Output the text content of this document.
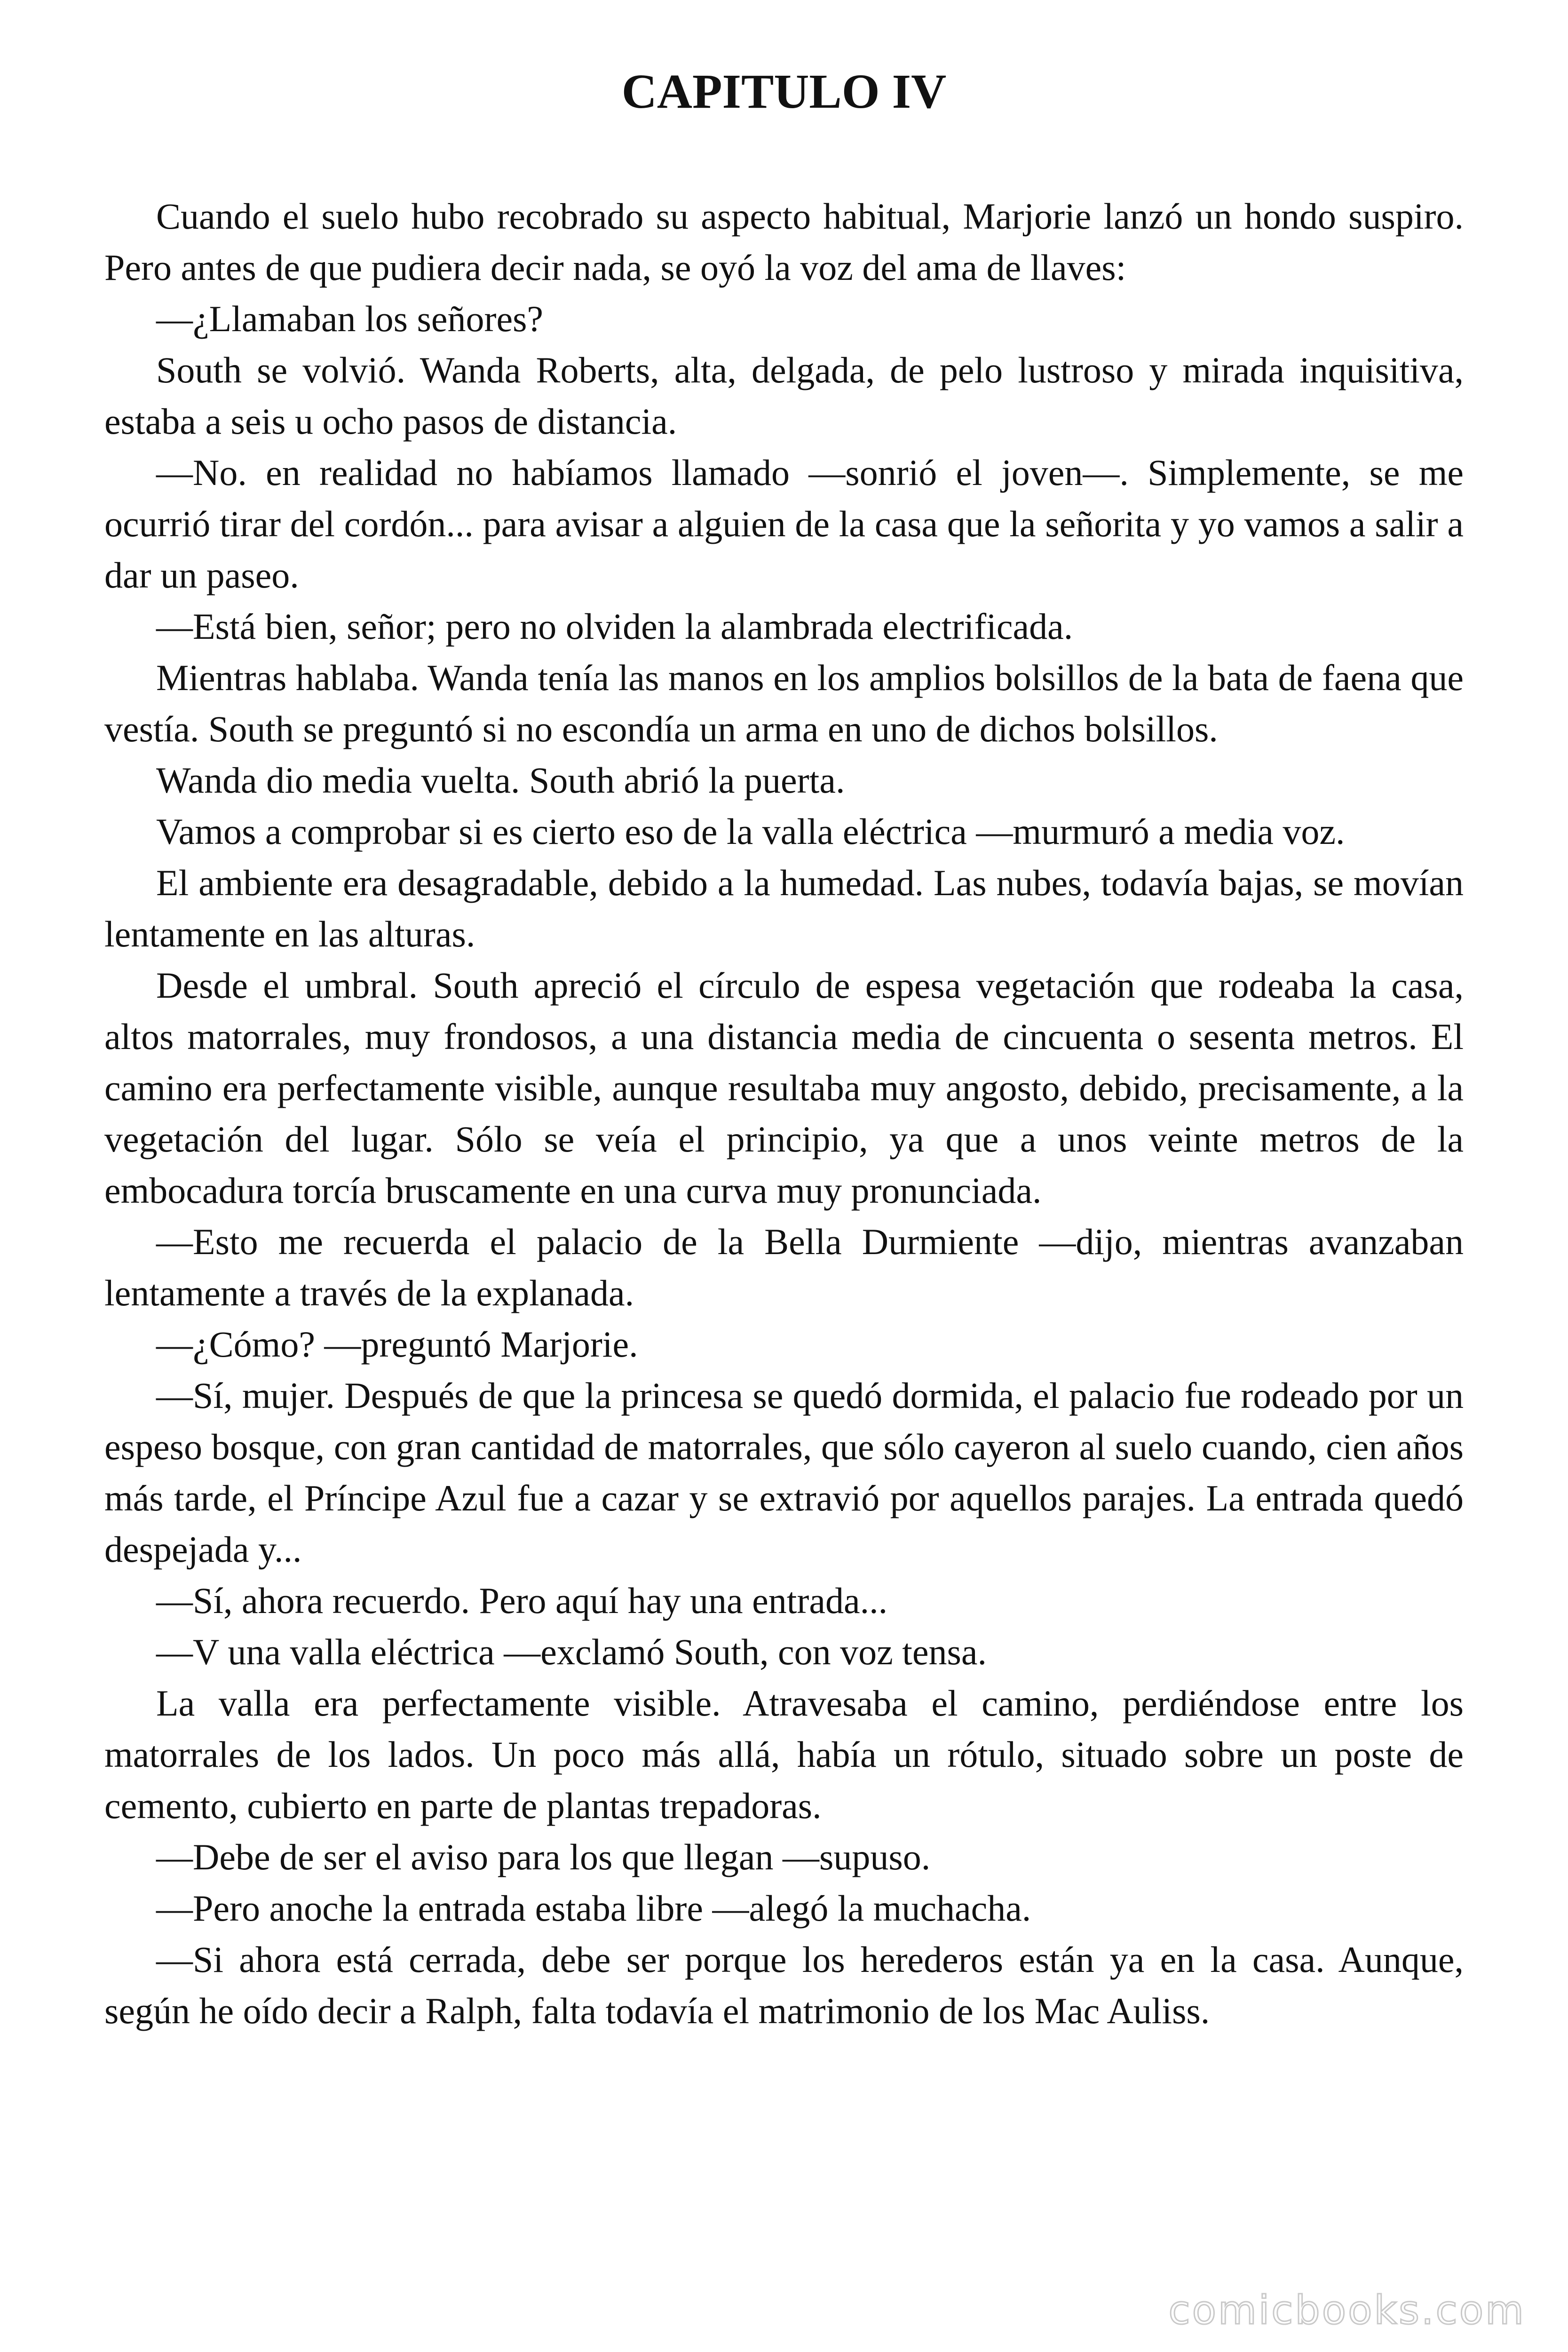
CAPITULO IV

Cuando el suelo hubo recobrado su aspecto habitual, Marjorie lanzó un hondo suspiro. Pero antes de que pudiera decir nada, se oyó la voz del ama de llaves:

—¿Llamaban los señores?

South se volvió. Wanda Roberts, alta, delgada, de pelo lustroso y mirada inquisitiva, estaba a seis u ocho pasos de distancia.

—No. en realidad no habíamos llamado —sonrió el joven—. Simplemente, se me ocurrió tirar del cordón... para avisar a alguien de la casa que la señorita y yo vamos a salir a dar un paseo.

—Está bien, señor; pero no olviden la alambrada electrificada.

Mientras hablaba. Wanda tenía las manos en los amplios bolsillos de la bata de faena que vestía. South se preguntó si no escondía un arma en uno de dichos bolsillos.

Wanda dio media vuelta. South abrió la puerta.

Vamos a comprobar si es cierto eso de la valla eléctrica —murmuró a media voz.

El ambiente era desagradable, debido a la humedad. Las nubes, todavía bajas, se movían lentamente en las alturas.

Desde el umbral. South apreció el círculo de espesa vegetación que rodeaba la casa, altos matorrales, muy frondosos, a una distancia media de cincuenta o sesenta metros. El camino era perfectamente visible, aunque resultaba muy angosto, debido, precisamente, a la vegetación del lugar. Sólo se veía el principio, ya que a unos veinte metros de la embocadura torcía bruscamente en una curva muy pronunciada.

—Esto me recuerda el palacio de la Bella Durmiente —dijo, mientras avanzaban lentamente a través de la explanada.

—¿Cómo? —preguntó Marjorie.

—Sí, mujer. Después de que la princesa se quedó dormida, el palacio fue rodeado por un espeso bosque, con gran cantidad de matorrales, que sólo cayeron al suelo cuando, cien años más tarde, el Príncipe Azul fue a cazar y se extravió por aquellos parajes. La entrada quedó despejada y...

—Sí, ahora recuerdo. Pero aquí hay una entrada...

—V una valla eléctrica —exclamó South, con voz tensa.

La valla era perfectamente visible. Atravesaba el camino, perdiéndose entre los matorrales de los lados. Un poco más allá, había un rótulo, situado sobre un poste de cemento, cubierto en parte de plantas trepadoras.

—Debe de ser el aviso para los que llegan —supuso.

—Pero anoche la entrada estaba libre —alegó la muchacha.

—Si ahora está cerrada, debe ser porque los herederos están ya en la casa. Aunque, según he oído decir a Ralph, falta todavía el matrimonio de los Mac Auliss.

comicbooks.com
